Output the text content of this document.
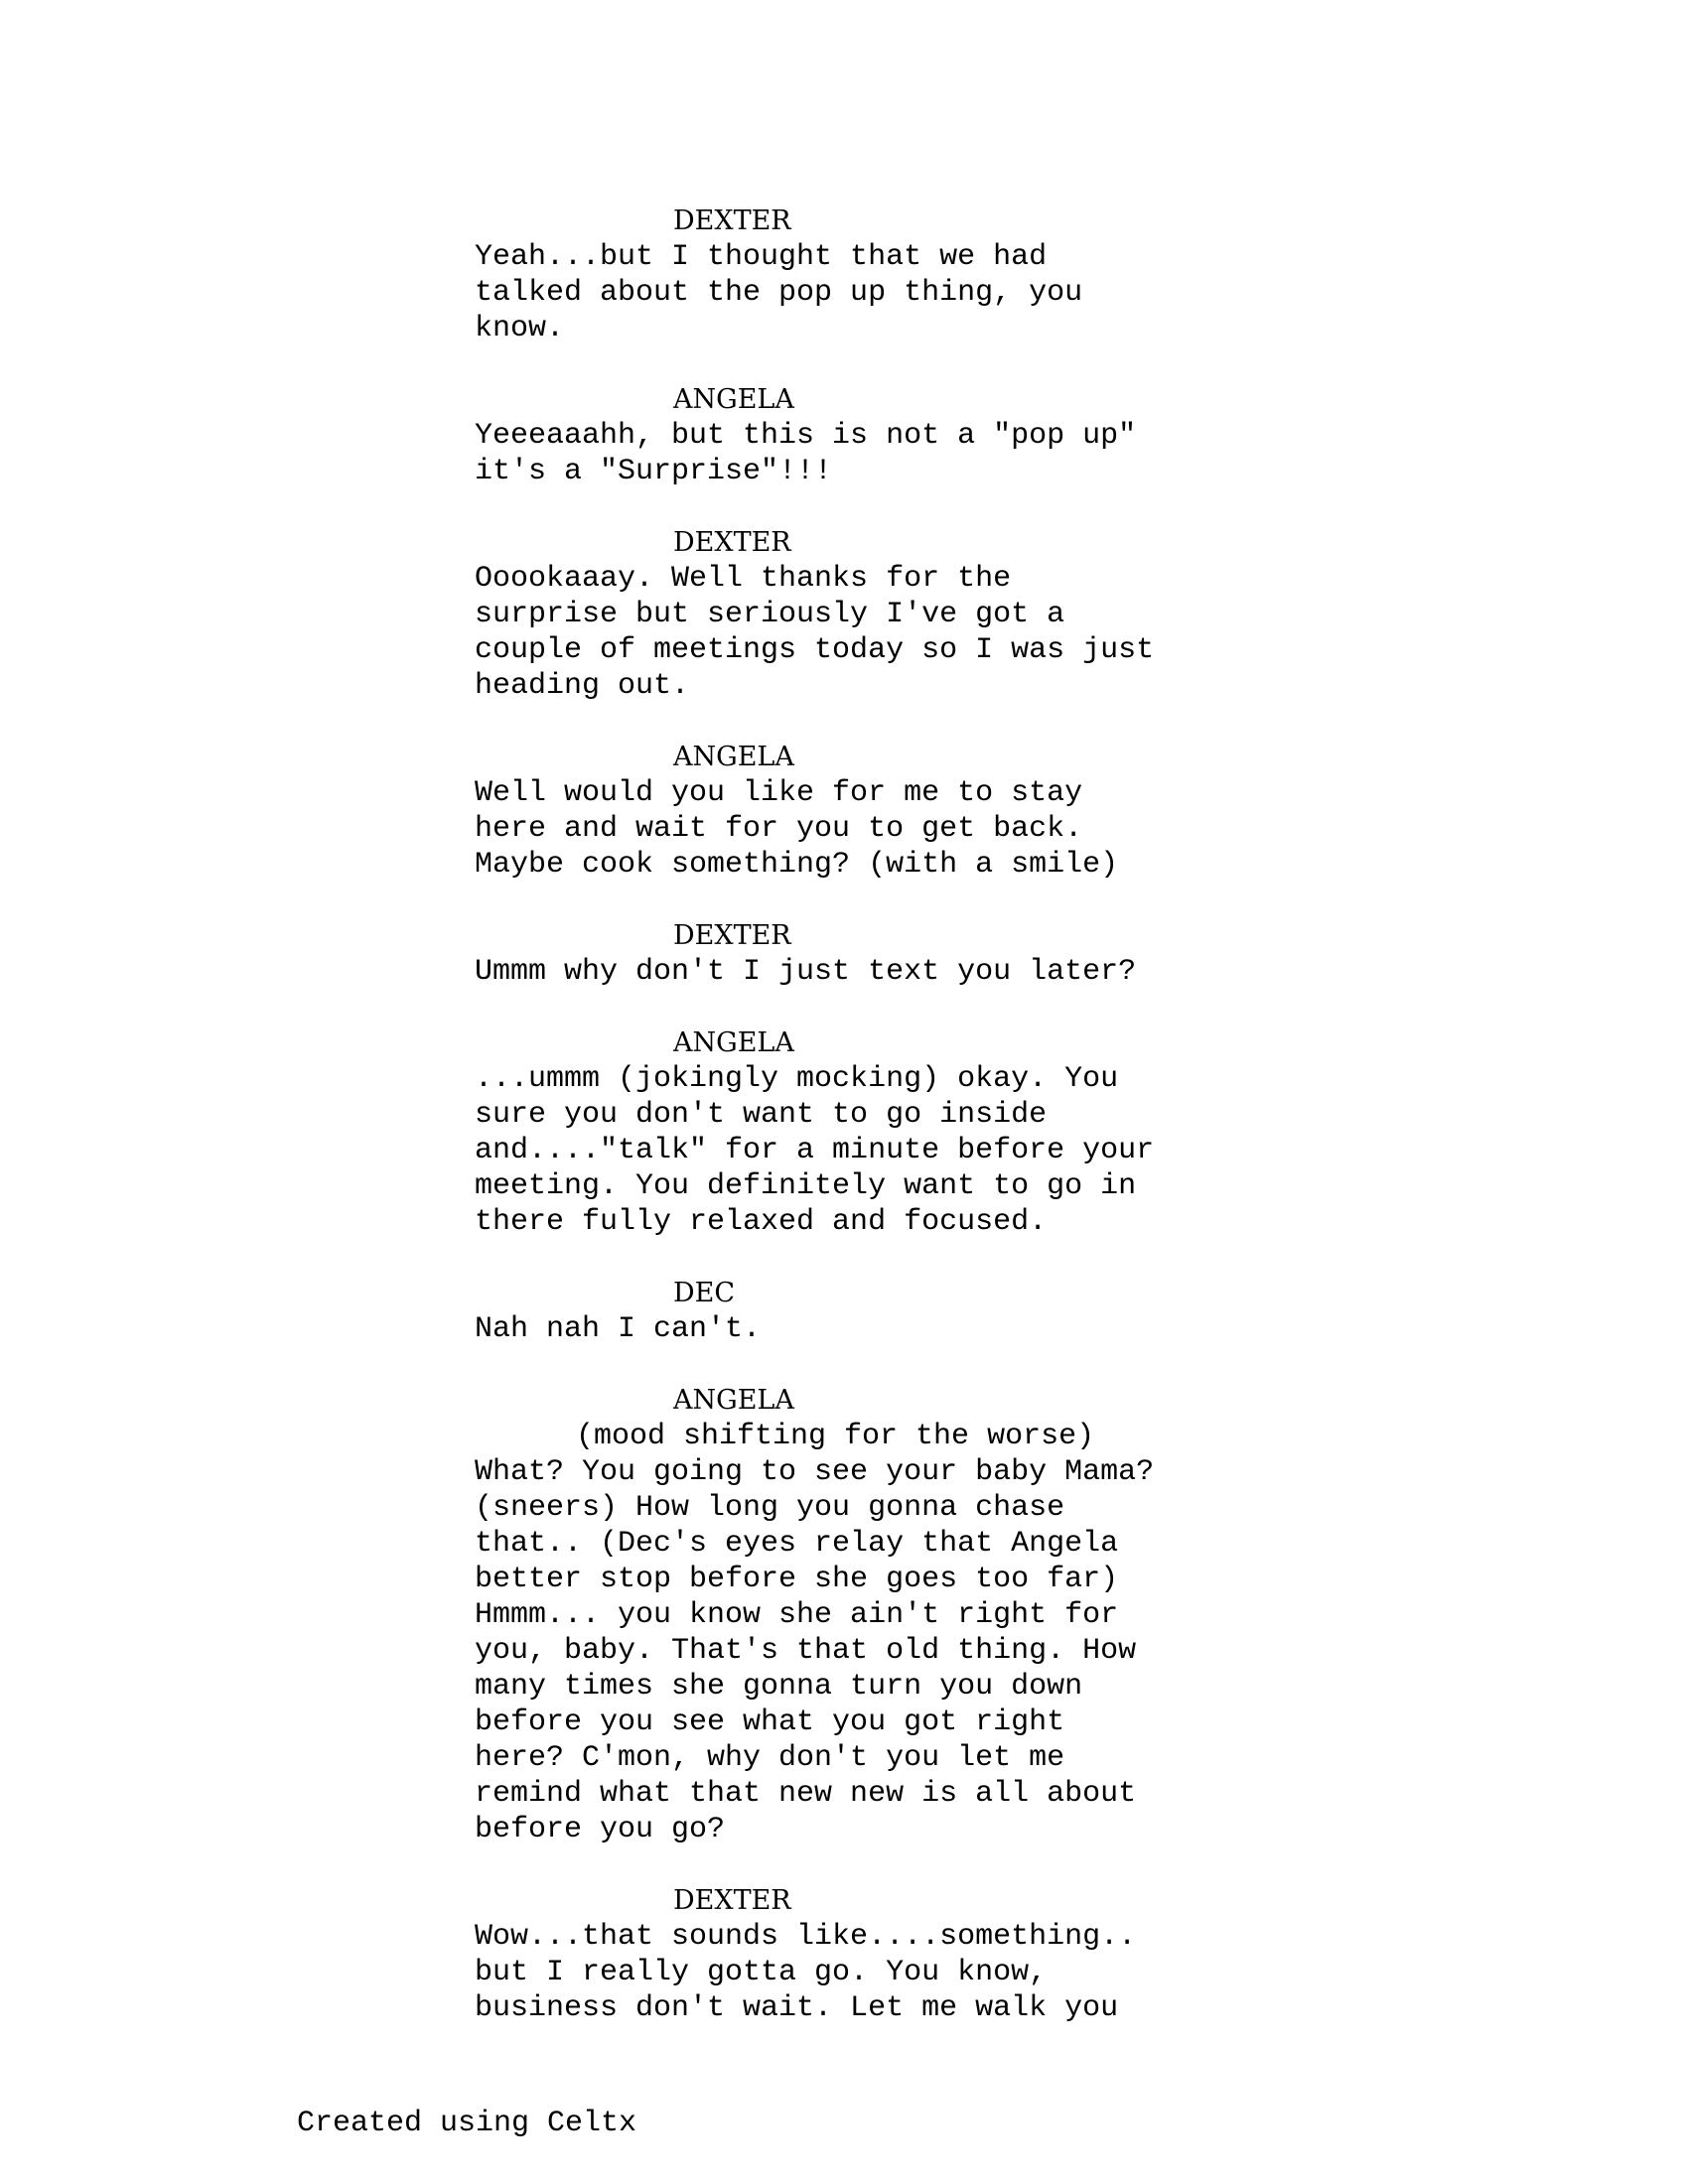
DEXTER
Yeah...but I thought that we had
talked about the pop up thing, you
know.
ANGELA
Yeeeaaahh, but this is not a "pop up"
it's a "Surprise"!!!
DEXTER
Ooookaaay. Well thanks for the
surprise but seriously I've got a
couple of meetings today so I was just
heading out.
ANGELA
Well would you like for me to stay
here and wait for you to get back.
Maybe cook something? (with a smile)
DEXTER
Ummm why don't I just text you later?
ANGELA
...ummm (jokingly mocking) okay. You
sure you don't want to go inside
and...."talk" for a minute before your
meeting. You definitely want to go in
there fully relaxed and focused.
DEC
Nah nah I can't.
ANGELA
(mood shifting for the worse)
What? You going to see your baby Mama?
(sneers) How long you gonna chase
that.. (Dec's eyes relay that Angela
better stop before she goes too far)
Hmmm... you know she ain't right for
you, baby. That's that old thing. How
many times she gonna turn you down
before you see what you got right
here? C'mon, why don't you let me
remind what that new new is all about
before you go?
DEXTER
Wow...that sounds like....something..
but I really gotta go. You know,
business don't wait. Let me walk you
Created using Celtx
